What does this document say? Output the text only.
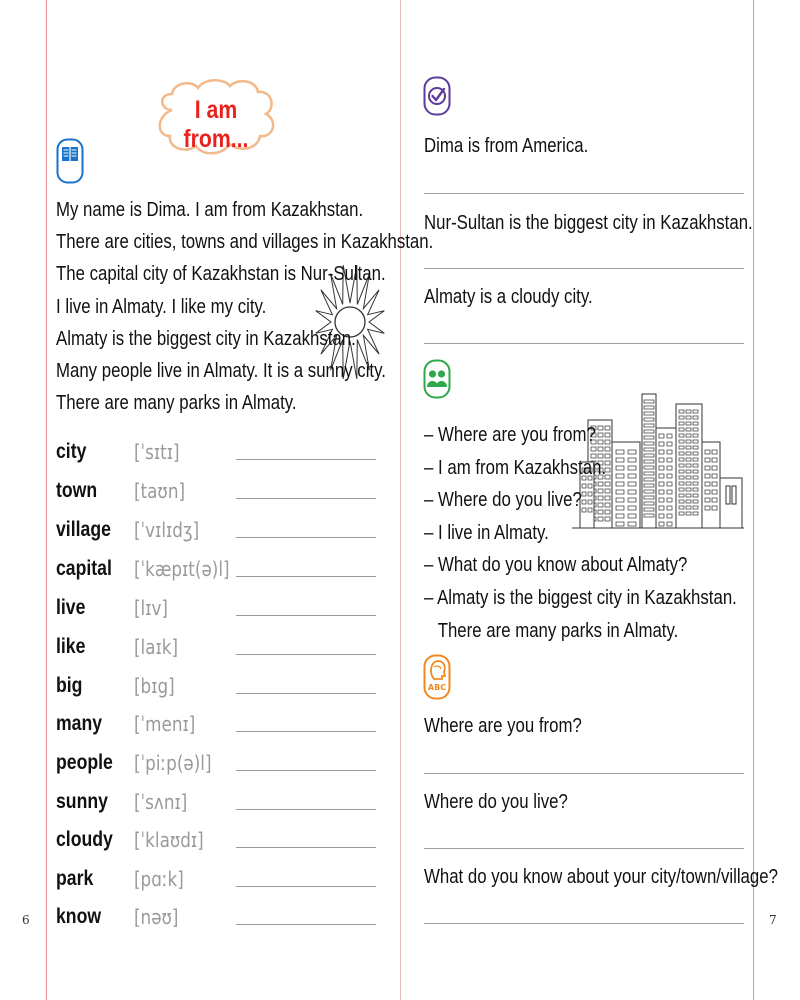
6	7
I am from...

My name is Dima. I am from Kazakhstan.

There are cities, towns and villages in Kazakhstan.

The capital city of Kazakhstan is Nur-Sultan.

I live in Almaty. I like my city.

Almaty is the biggest city in Kazakhstan.

Many people live in Almaty. It is a sunny city.

There are many parks in Almaty.

city [ˈsɪtɪ]
town [taʊn]
village [ˈvɪlɪdʒ]
capital [ˈkæpɪt(ə)l]
live [lɪv]
like [laɪk]
big	[bɪg]
many [ˈmenɪ]
people [ˈpiːp(ə)l]
sunny [ˈsʌnɪ]
cloudy [ˈklaʊdɪ]
park [pɑːk]
know [nəʊ]
Dima is from America.
Nur-Sultan is the biggest city in Kazakhstan.
Almaty is a cloudy city.

– Where are you from?

– I am from Kazakhstan.

– Where do you live?

– I live in Almaty.

– What do you know about Almaty?

– Almaty is the biggest city in Kazakhstan.

There are many parks in Almaty.

ABC
Where are you from?
Where do you live?
What do you know about your city/town/village?
